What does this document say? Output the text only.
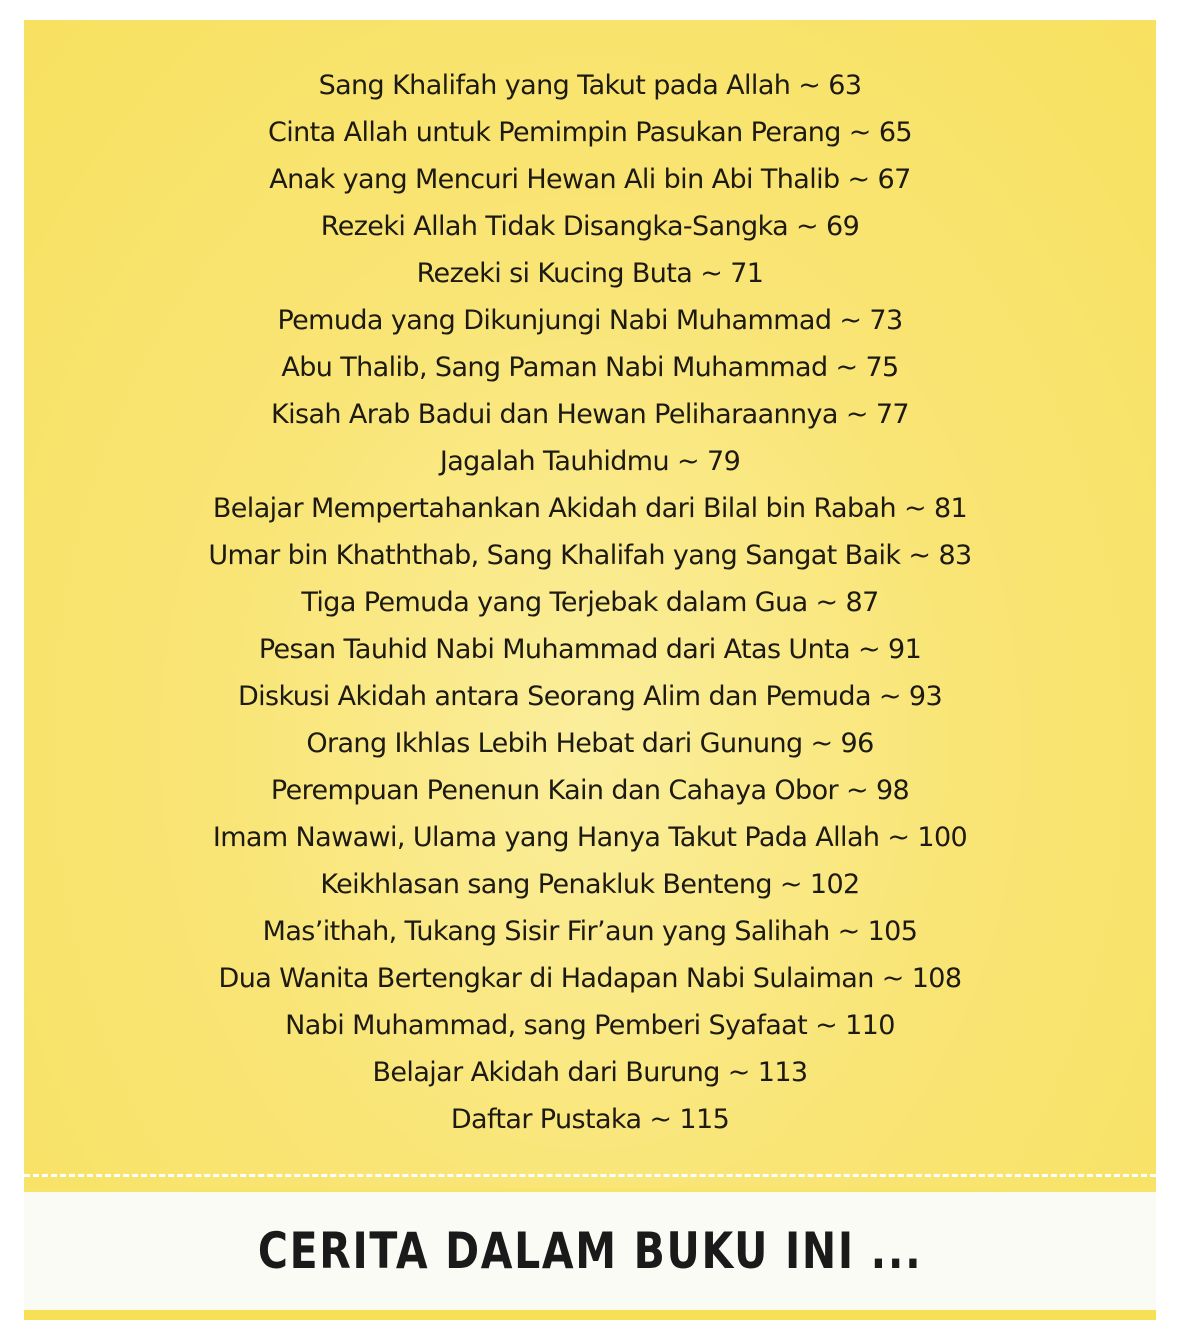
Sang Khalifah yang Takut pada Allah ~ 63
Cinta Allah untuk Pemimpin Pasukan Perang ~ 65
Anak yang Mencuri Hewan Ali bin Abi Thalib ~ 67
Rezeki Allah Tidak Disangka-Sangka ~ 69
Rezeki si Kucing Buta ~ 71
Pemuda yang Dikunjungi Nabi Muhammad ~ 73
Abu Thalib, Sang Paman Nabi Muhammad ~ 75
Kisah Arab Badui dan Hewan Peliharaannya ~ 77
Jagalah Tauhidmu ~ 79
Belajar Mempertahankan Akidah dari Bilal bin Rabah ~ 81
Umar bin Khaththab, Sang Khalifah yang Sangat Baik ~ 83
Tiga Pemuda yang Terjebak dalam Gua ~ 87
Pesan Tauhid Nabi Muhammad dari Atas Unta ~ 91
Diskusi Akidah antara Seorang Alim dan Pemuda ~ 93
Orang Ikhlas Lebih Hebat dari Gunung ~ 96
Perempuan Penenun Kain dan Cahaya Obor ~ 98
Imam Nawawi, Ulama yang Hanya Takut Pada Allah ~ 100
Keikhlasan sang Penakluk Benteng ~ 102
Mas’ithah, Tukang Sisir Fir’aun yang Salihah ~ 105
Dua Wanita Bertengkar di Hadapan Nabi Sulaiman ~ 108
Nabi Muhammad, sang Pemberi Syafaat ~ 110
Belajar Akidah dari Burung ~ 113
Daftar Pustaka ~ 115
CERITA DALAM BUKU INI ...
